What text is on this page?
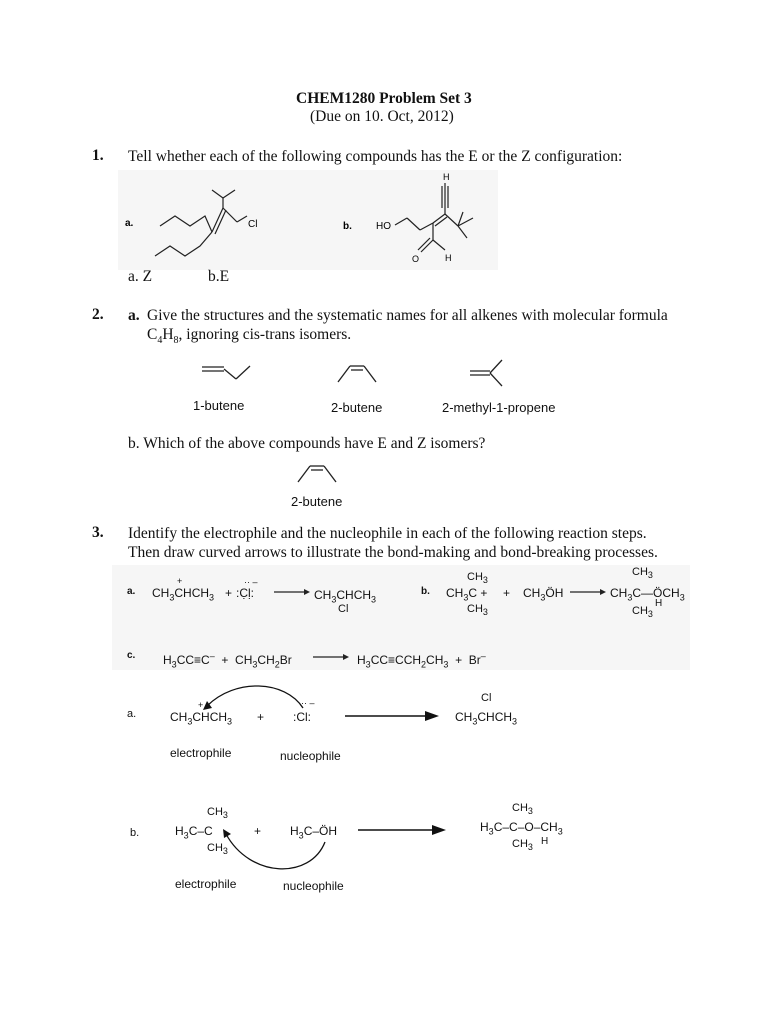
CHEM1280 Problem Set 3
(Due on 10. Oct, 2012)
1. Tell whether each of the following compounds has the E or the Z configuration:
a.	Cl	b. HO
H
O	H
a. Z	b.E
2. a. Give the structures and the systematic names for all alkenes with molecular formula
$C_4H_8$, ignoring cis-trans isomers.
1-butene	2-butene	2-methyl-1-propene
b. Which of the above compounds have E and Z isomers?
2-butene
3. Identify the electrophile and the nucleophile in each of the following reaction steps.
Then draw curved arrows to illustrate the bond-making and bond-breaking processes.
a. $CH_3CHCH_3$
+
+ :C̣ḷ:
·· –
$CH_3CHCH_3$
Cl
b.
$CH_3$
$CH_3C$ +
$CH_3$
+ $CH_3ÖH$
$CH_3$
$CH_3C—ÖCH_3$
$CH_3$
H
c. $H_3CC\equiv C^- + CH_3CH_2Br$	$H_3CC\equiv CCH_2CH_3 + Br^-$
a.	$CH_3CHCH_3$
+
+ :Cl:
·· –	Cl
$CH_3CHCH_3$
electrophile	nucleophile
b.
$CH_3$
$H_3C-C$
$CH_3$
+ $H_3C-ÖH$
$CH_3$
$H_3C-C-O-CH_3$
$CH_3$
H
electrophile	nucleophile
